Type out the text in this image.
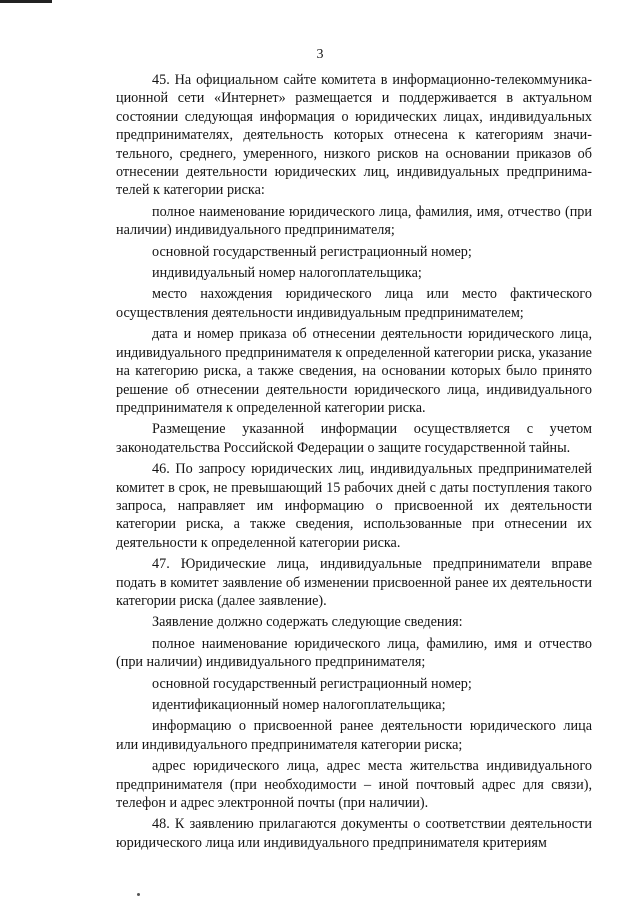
3

45. На официальном сайте комитета в информационно-телекоммуникационной сети «Интернет» размещается и поддерживается в актуальном состоянии следующая информация о юридических лицах, индивидуальных предпринимателях, деятельность которых отнесена к категориям значительного, среднего, умеренного, низкого рисков на основании приказов об отнесении деятельности юридических лиц, индивидуальных предпринимателей к категории риска:

полное наименование юридического лица, фамилия, имя, отчество (при наличии) индивидуального предпринимателя;

основной государственный регистрационный номер;

индивидуальный номер налогоплательщика;

место нахождения юридического лица или место фактического осуществления деятельности индивидуальным предпринимателем;

дата и номер приказа об отнесении деятельности юридического лица, индивидуального предпринимателя к определенной категории риска, указание на категорию риска, а также сведения, на основании которых было принято решение об отнесении деятельности юридического лица, индивидуального предпринимателя к определенной категории риска.

Размещение указанной информации осуществляется с учетом законодательства Российской Федерации о защите государственной тайны.

46. По запросу юридических лиц, индивидуальных предпринимателей комитет в срок, не превышающий 15 рабочих дней с даты поступления такого запроса, направляет им информацию о присвоенной их деятельности категории риска, а также сведения, использованные при отнесении их деятельности к определенной категории риска.

47. Юридические лица, индивидуальные предприниматели вправе подать в комитет заявление об изменении присвоенной ранее их деятельности категории риска (далее заявление).

Заявление должно содержать следующие сведения:

полное наименование юридического лица, фамилию, имя и отчество (при наличии) индивидуального предпринимателя;

основной государственный регистрационный номер;

идентификационный номер налогоплательщика;

информацию о присвоенной ранее деятельности юридического лица или индивидуального предпринимателя категории риска;

адрес юридического лица, адрес места жительства индивидуального предпринимателя (при необходимости – иной почтовый адрес для связи), телефон и адрес электронной почты (при наличии).

48. К заявлению прилагаются документы о соответствии деятельности юридического лица или индивидуального предпринимателя критериям
